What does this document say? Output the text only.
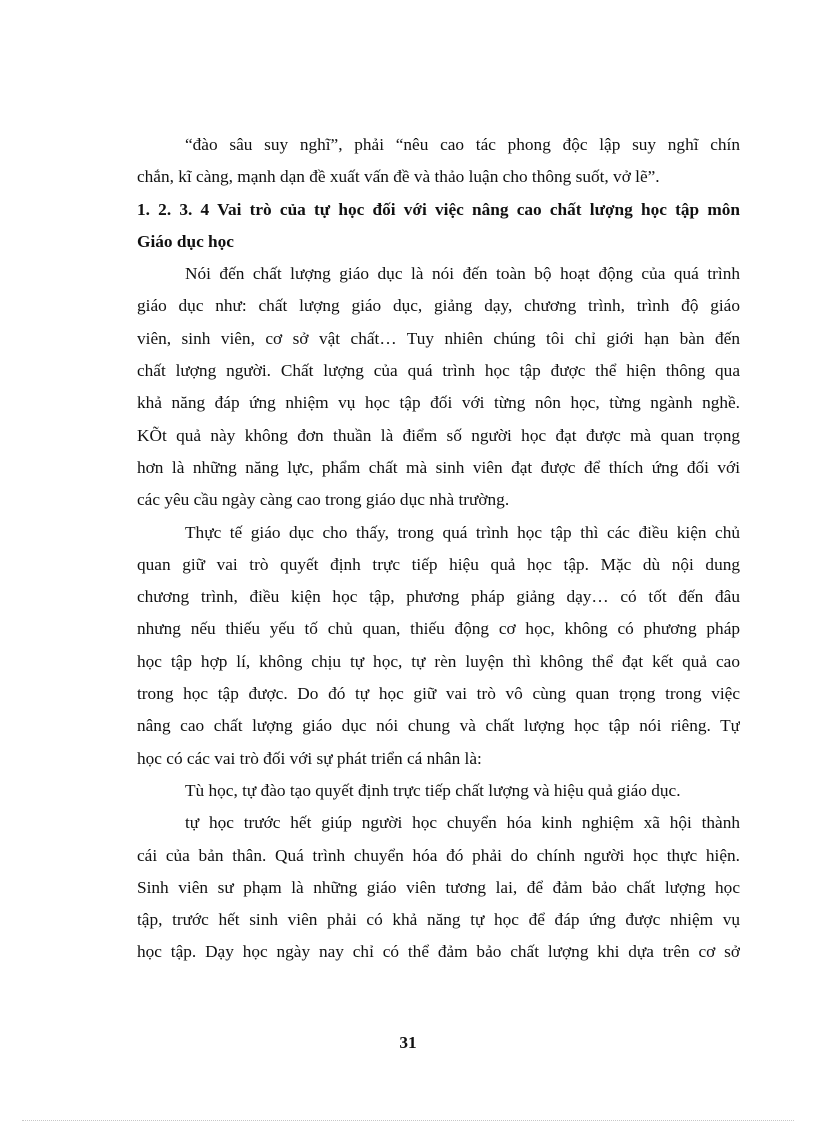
“đào sâu suy nghĩ”, phải “nêu cao tác phong độc lập suy nghĩ chín
chắn, kĩ càng, mạnh dạn đề xuất vấn đề và thảo luận cho thông suốt, vở lẽ”.
1. 2. 3. 4 Vai trò của tự học đối với việc nâng cao chất lượng học tập môn
Giáo dục học
Nói đến chất lượng giáo dục là nói đến toàn bộ hoạt động của quá trình
giáo dục như: chất lượng giáo dục, giảng dạy, chương trình, trình độ giáo
viên, sinh viên, cơ sở vật chất… Tuy nhiên chúng tôi chỉ giới hạn bàn đến
chất lượng người. Chất lượng của quá trình học tập được thể hiện thông qua
khả năng đáp ứng nhiệm vụ học tập đối với từng nôn học, từng ngành nghề.
KÕt quả này không đơn thuần là điểm số người học đạt được mà quan trọng
hơn là những năng lực, phẩm chất mà sinh viên đạt được để thích ứng đối với
các yêu cầu ngày càng cao trong giáo dục nhà trường.
Thực tế giáo dục cho thấy, trong quá trình học tập thì các điều kiện chủ
quan giữ vai trò quyết định trực tiếp hiệu quả học tập. Mặc dù nội dung
chương trình, điều kiện học tập, phương pháp giảng dạy… có tốt đến đâu
nhưng nếu thiếu yếu tố chủ quan, thiếu động cơ học, không có phương pháp
học tập hợp lí, không chịu tự học, tự rèn luyện thì không thể đạt kết quả cao
trong học tập được. Do đó tự học giữ vai trò vô cùng quan trọng trong việc
nâng cao chất lượng giáo dục nói chung và chất lượng học tập nói riêng. Tự
học có các vai trò đối với sự phát triển cá nhân là:
Tù học, tự đào tạo quyết định trực tiếp chất lượng và hiệu quả giáo dục.
tự học trước hết giúp người học chuyển hóa kinh nghiệm xã hội thành
cái của bản thân. Quá trình chuyển hóa đó phải do chính người học thực hiện.
Sinh viên sư phạm là những giáo viên tương lai, để đảm bảo chất lượng học
tập, trước hết sinh viên phải có khả năng tự học để đáp ứng được nhiệm vụ
học tập. Dạy học ngày nay chỉ có thể đảm bảo chất lượng khi dựa trên cơ sở
31
